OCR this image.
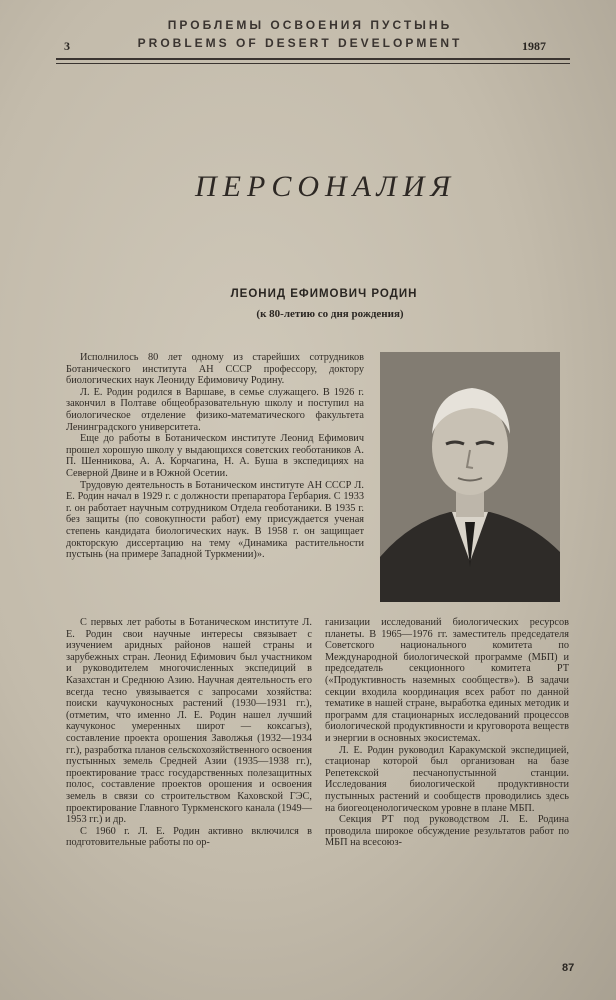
ПРОБЛЕМЫ ОСВОЕНИЯ ПУСТЫНЬ
3	PROBLEMS OF DESERT DEVELOPMENT	1987
ПЕРСОНАЛИЯ
ЛЕОНИД ЕФИМОВИЧ РОДИН
(к 80-летию со дня рождения)

Исполнилось 80 лет одному из старейших сотрудников Ботанического института АН СССР профессору, доктору биологических наук Леониду Ефимовичу Родину.

Л. Е. Родин родился в Варшаве, в семье служащего. В 1926 г. закончил в Полтаве общеобразовательную школу и поступил на биологическое отделение физико-математического факультета Ленинградского университета.

Еще до работы в Ботаническом институте Леонид Ефимович прошел хорошую школу у выдающихся советских геоботаников А. П. Шенникова, А. А. Корчагина, Н. А. Буша в экспедициях на Северной Двине и в Южной Осетии.

Трудовую деятельность в Ботаническом институте АН СССР Л. Е. Родин начал в 1929 г. с должности препаратора Гербария. С 1933 г. он работает научным сотрудником Отдела геоботаники. В 1935 г. без защиты (по совокупности работ) ему присуждается ученая степень кандидата биологических наук. В 1958 г. он защищает докторскую диссертацию на тему «Динамика растительности пустынь (на примере Западной Туркмении)».

С первых лет работы в Ботаническом институте Л. Е. Родин свои научные интересы связывает с изучением аридных районов нашей страны и зарубежных стран. Леонид Ефимович был участником и руководителем многочисленных экспедиций в Казахстан и Среднюю Азию. Научная деятельность его всегда тесно увязывается с запросами хозяйства: поиски каучуконосных растений (1930—1931 гг.), (отметим, что именно Л. Е. Родин нашел лучший каучуконос умеренных широт — коксагыз), составление проекта орошения Заволжья (1932—1934 гг.), разработка планов сельскохозяйственного освоения пустынных земель Средней Азии (1935—1938 гг.), проектирование трасс государственных полезащитных полос, составление проектов орошения и освоения земель в связи со строительством Каховской ГЭС, проектирование Главного Туркменского канала (1949—1953 гг.) и др.

С 1960 г. Л. Е. Родин активно включился в подготовительные работы по ор-

ганизации исследований биологических ресурсов планеты. В 1965—1976 гг. заместитель председателя Советского национального комитета по Международной биологической программе (МБП) и председатель секционного комитета РТ («Продуктивность наземных сообществ»). В задачи секции входила координация всех работ по данной тематике в нашей стране, выработка единых методик и программ для стационарных исследований процессов биологической продуктивности и круговорота веществ и энергии в основных экосистемах.

Л. Е. Родин руководил Каракумской экспедицией, стационар которой был организован на базе Репетекской песчанопустынной станции. Исследования биологической продуктивности пустынных растений и сообществ проводились здесь на биогеоценологическом уровне в плане МБП.

Секция РТ под руководством Л. Е. Родина проводила широкое обсуждение результатов работ по МБП на всесоюз-

87
